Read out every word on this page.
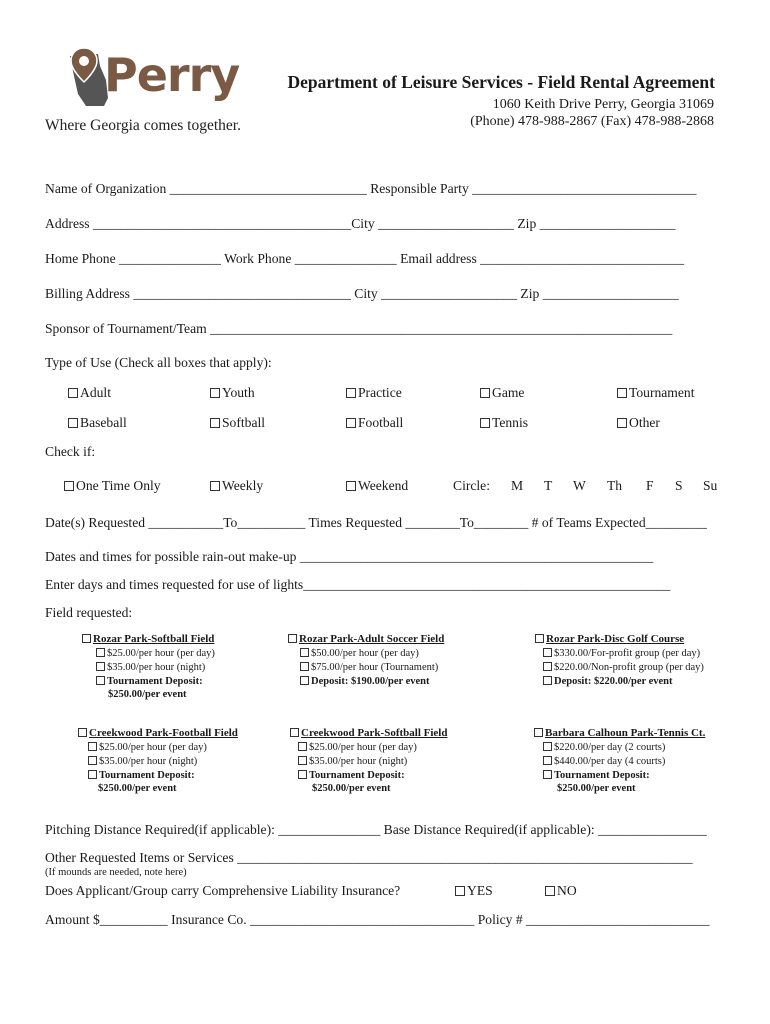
Perry
Where Georgia comes together.
Department of Leisure Services - Field Rental Agreement
1060 Keith Drive Perry, Georgia 31069
(Phone) 478-988-2867 (Fax) 478-988-2868
Name of Organization _____________________________ Responsible Party _________________________________
Address ______________________________________City ____________________ Zip ____________________
Home Phone _______________ Work Phone _______________ Email address ______________________________
Billing Address ________________________________ City ____________________ Zip ____________________
Sponsor of Tournament/Team ____________________________________________________________________
Type of Use (Check all boxes that apply):
Adult	Youth	Practice	Game	Tournament
Baseball	Softball	Football	Tennis	Other
Check if:
One Time Only	Weekly	Weekend	Circle: M T W Th F S Su
Date(s) Requested ___________To__________ Times Requested ________To________ # of Teams Expected_________
Dates and times for possible rain-out make-up ____________________________________________________
Enter days and times requested for use of lights______________________________________________________
Field requested:
Rozar Park-Softball Field
$25.00/per hour (per day)
$35.00/per hour (night)
Tournament Deposit:
$250.00/per event
Rozar Park-Adult Soccer Field
$50.00/per hour (per day)
$75.00/per hour (Tournament)
Deposit: $190.00/per event
Rozar Park-Disc Golf Course
$330.00/For-profit group (per day)
$220.00/Non-profit group (per day)
Deposit: $220.00/per event
Creekwood Park-Football Field
$25.00/per hour (per day)
$35.00/per hour (night)
Tournament Deposit:
$250.00/per event
Creekwood Park-Softball Field
$25.00/per hour (per day)
$35.00/per hour (night)
Tournament Deposit:
$250.00/per event
Barbara Calhoun Park-Tennis Ct.
$220.00/per day (2 courts)
$440.00/per day (4 courts)
Tournament Deposit:
$250.00/per event
Pitching Distance Required(if applicable): _______________ Base Distance Required(if applicable): ________________
Other Requested Items or Services ___________________________________________________________________
(If mounds are needed, note here)
Does Applicant/Group carry Comprehensive Liability Insurance?	YES	NO
Amount $__________ Insurance Co. _________________________________ Policy # ___________________________
